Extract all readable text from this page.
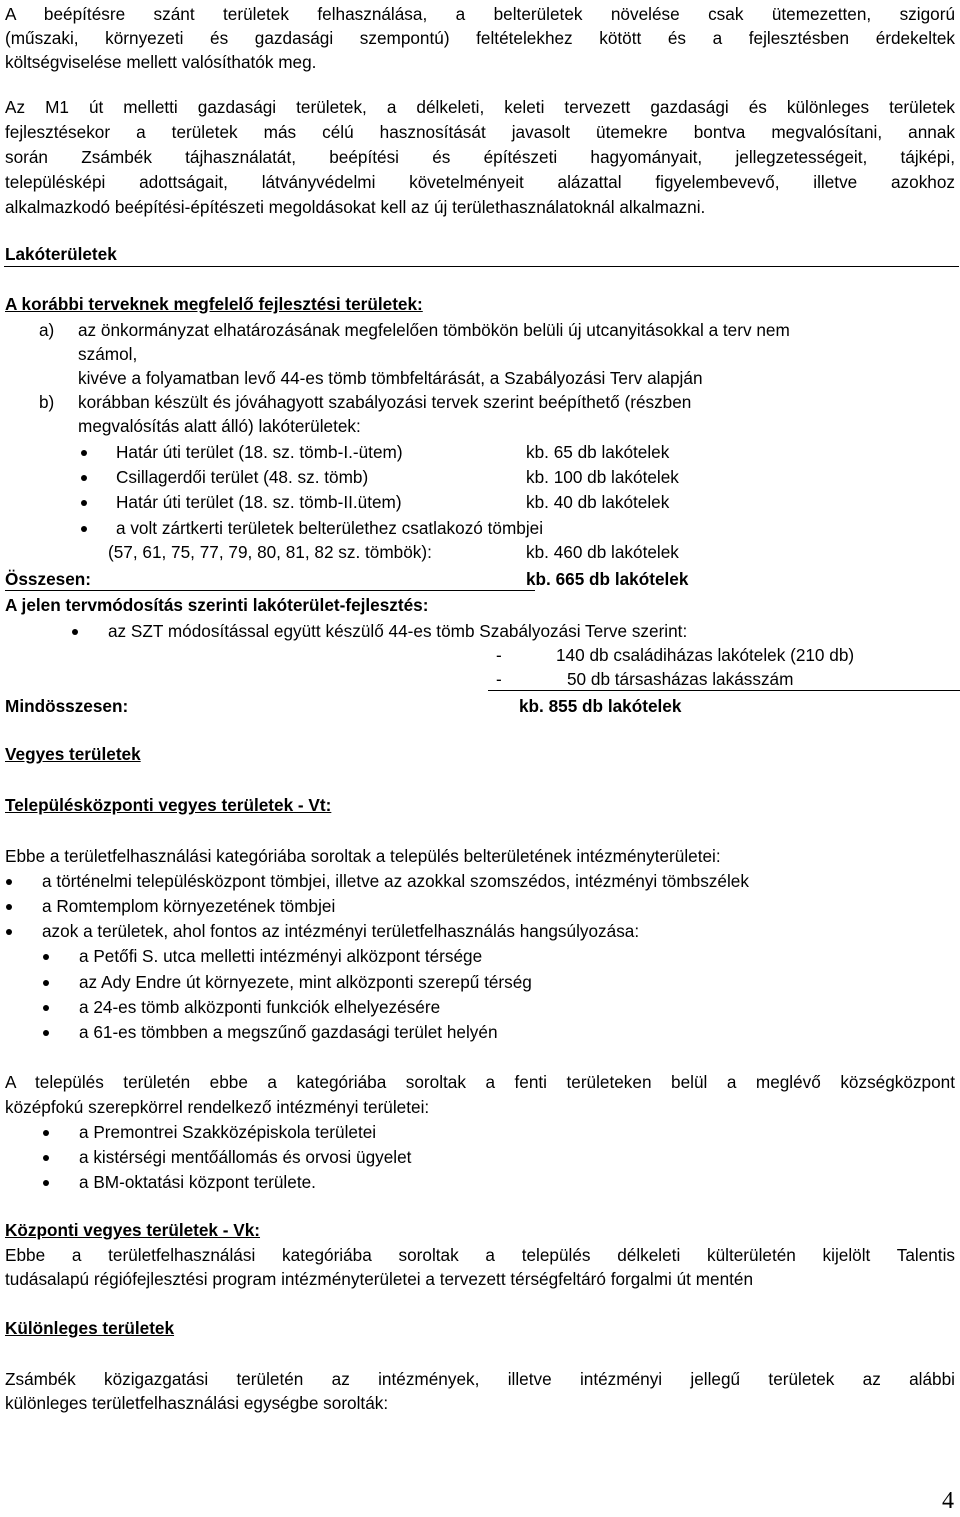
A beépítésre szánt területek felhasználása, a belterületek növelése csak ütemezetten, szigorú
(műszaki, környezeti és gazdasági szempontú) feltételekhez kötött és a fejlesztésben érdekeltek
költségviselése mellett valósíthatók meg.
Az M1 út melletti gazdasági területek, a délkeleti, keleti tervezett gazdasági és különleges területek
fejlesztésekor a területek más célú hasznosítását javasolt ütemekre bontva megvalósítani, annak
során Zsámbék tájhasználatát, beépítési és építészeti hagyományait, jellegzetességeit, tájképi,
településképi adottságait, látványvédelmi követelményeit alázattal figyelembevevő, illetve azokhoz
alkalmazkodó beépítési-építészeti megoldásokat kell az új területhasználatoknál alkalmazni.
Lakóterületek
A korábbi terveknek megfelelő fejlesztési területek:
a) az önkormányzat elhatározásának megfelelően tömbökön belüli új utcanyitásokkal a terv nem
számol,
kivéve a folyamatban levő 44-es tömb tömbfeltárását, a Szabályozási Terv alapján
b) korábban készült és jóváhagyott szabályozási tervek szerint beépíthető (részben
megvalósítás alatt álló) lakóterületek:
Határ úti terület (18. sz. tömb-I.-ütem)	kb. 65 db lakótelek
Csillagerdői terület (48. sz. tömb)	kb. 100 db lakótelek
Határ úti terület (18. sz. tömb-II.ütem)	kb. 40 db lakótelek
a volt zártkerti területek belterülethez csatlakozó tömbjei
(57, 61, 75, 77, 79, 80, 81, 82 sz. tömbök):	kb. 460 db lakótelek
Összesen:	kb. 665 db lakótelek
A jelen tervmódosítás szerinti lakóterület-fejlesztés:
az SZT módosítással együtt készülő 44-es tömb Szabályozási Terve szerint:
-	140 db családiházas lakótelek (210 db)
-	50 db társasházas lakásszám
Mindösszesen:	kb. 855 db lakótelek
Vegyes területek
Településközponti vegyes területek - Vt:
Ebbe a területfelhasználási kategóriába soroltak a település belterületének intézményterületei:
a történelmi településközpont tömbjei, illetve az azokkal szomszédos, intézményi tömbszélek
a Romtemplom környezetének tömbjei
azok a területek, ahol fontos az intézményi területfelhasználás hangsúlyozása:
a Petőfi S. utca melletti intézményi alközpont térsége
az Ady Endre út környezete, mint alközponti szerepű térség
a 24-es tömb alközponti funkciók elhelyezésére
a 61-es tömbben a megszűnő gazdasági terület helyén
A település területén ebbe a kategóriába soroltak a fenti területeken belül a meglévő községközpont
középfokú szerepkörrel rendelkező intézményi területei:
a Premontrei Szakközépiskola területei
a kistérségi mentőállomás és orvosi ügyelet
a BM-oktatási központ területe.
Központi vegyes területek - Vk:
Ebbe a területfelhasználási kategóriába soroltak a település délkeleti külterületén kijelölt Talentis
tudásalapú régiófejlesztési program intézményterületei a tervezett térségfeltáró forgalmi út mentén
Különleges területek
Zsámbék közigazgatási területén az intézmények, illetve intézményi jellegű területek az alábbi
különleges területfelhasználási egységbe sorolták:
4
